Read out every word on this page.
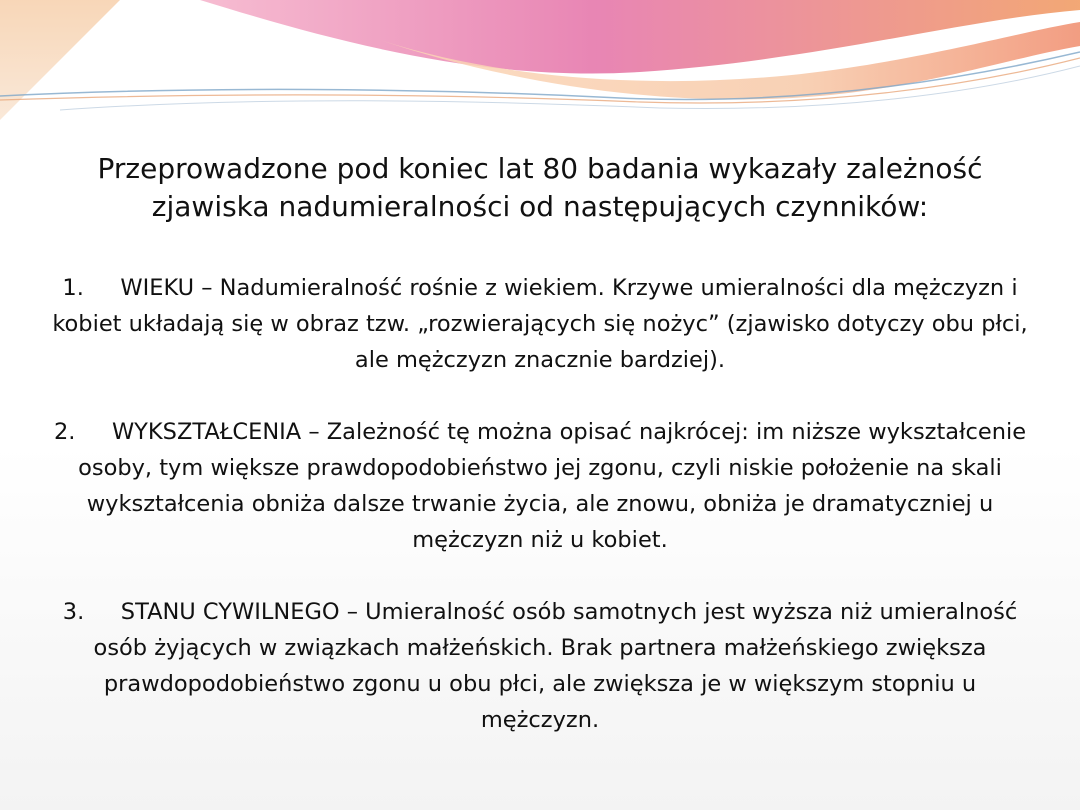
Przeprowadzone pod koniec lat 80 badania wykazały zależność zjawiska nadumieralności od następujących czynników:

1. WIEKU – Nadumieralność rośnie z wiekiem. Krzywe umieralności dla mężczyzn i kobiet układają się w obraz tzw. „rozwierających się nożyc” (zjawisko dotyczy obu płci, ale mężczyzn znacznie bardziej).

2. WYKSZTAŁCENIA – Zależność tę można opisać najkrócej: im niższe wykształcenie osoby, tym większe prawdopodobieństwo jej zgonu, czyli niskie położenie na skali wykształcenia obniża dalsze trwanie życia, ale znowu, obniża je dramatyczniej u mężczyzn niż u kobiet.

3. STANU CYWILNEGO – Umieralność osób samotnych jest wyższa niż umieralność osób żyjących w związkach małżeńskich. Brak partnera małżeńskiego zwiększa prawdopodobieństwo zgonu u obu płci, ale zwiększa je w większym stopniu u mężczyzn.
